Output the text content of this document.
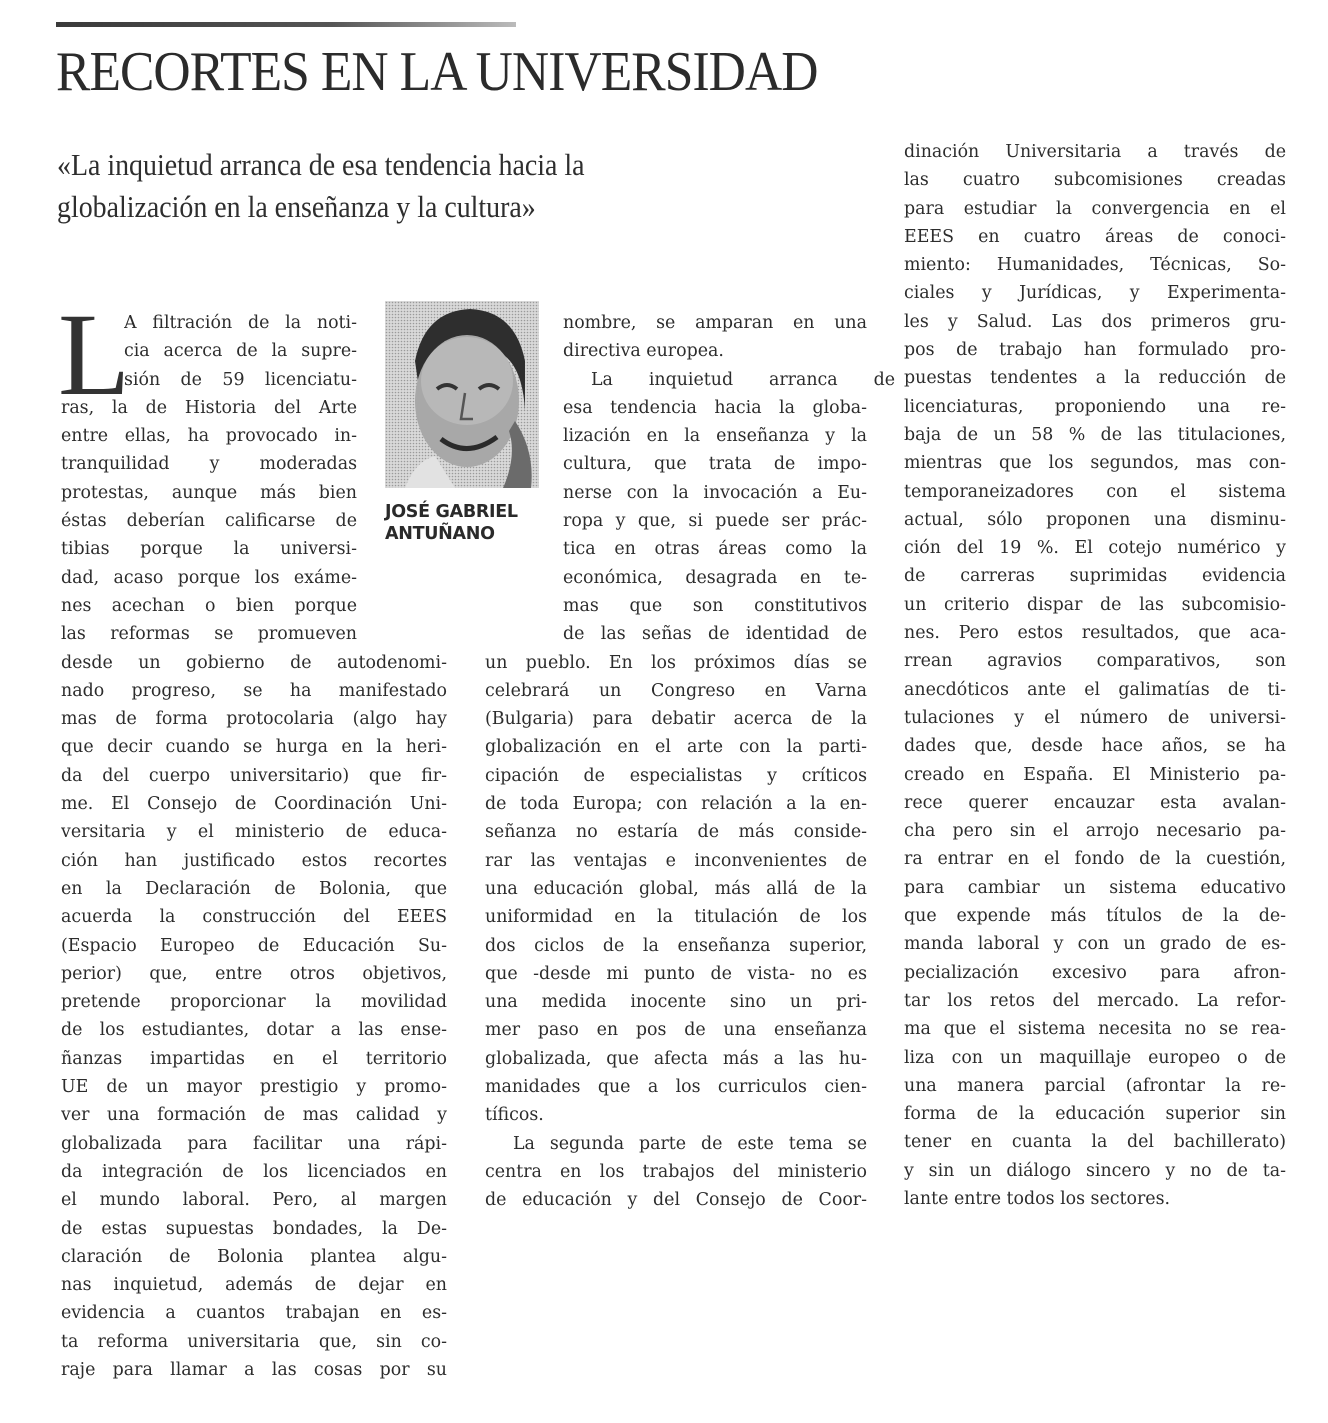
RECORTES EN LA UNIVERSIDAD
«La inquietud arranca de esa tendencia hacia la
globalización en la enseñanza y la cultura»
JOSÉ GABRIEL
ANTUÑANO
L
A filtración de la noti-
cia acerca de la supre-
sión de 59 licenciatu-
ras, la de Historia del Arte
entre ellas, ha provocado in-
tranquilidad y moderadas
protestas, aunque más bien
éstas deberían calificarse de
tibias porque la universi-
dad, acaso porque los exáme-
nes acechan o bien porque
las reformas se promueven
desde un gobierno de autodenomi-
nado progreso, se ha manifestado
mas de forma protocolaria (algo hay
que decir cuando se hurga en la heri-
da del cuerpo universitario) que fir-
me. El Consejo de Coordinación Uni-
versitaria y el ministerio de educa-
ción han justificado estos recortes
en la Declaración de Bolonia, que
acuerda la construcción del EEES
(Espacio Europeo de Educación Su-
perior) que, entre otros objetivos,
pretende proporcionar la movilidad
de los estudiantes, dotar a las ense-
ñanzas impartidas en el territorio
UE de un mayor prestigio y promo-
ver una formación de mas calidad y
globalizada para facilitar una rápi-
da integración de los licenciados en
el mundo laboral. Pero, al margen
de estas supuestas bondades, la De-
claración de Bolonia plantea algu-
nas inquietud, además de dejar en
evidencia a cuantos trabajan en es-
ta reforma universitaria que, sin co-
raje para llamar a las cosas por su
nombre, se amparan en una
directiva europea.
La inquietud arranca de
esa tendencia hacia la globa-
lización en la enseñanza y la
cultura, que trata de impo-
nerse con la invocación a Eu-
ropa y que, si puede ser prác-
tica en otras áreas como la
económica, desagrada en te-
mas que son constitutivos
de las señas de identidad de
un pueblo. En los próximos días se
celebrará un Congreso en Varna
(Bulgaria) para debatir acerca de la
globalización en el arte con la parti-
cipación de especialistas y críticos
de toda Europa; con relación a la en-
señanza no estaría de más conside-
rar las ventajas e inconvenientes de
una educación global, más allá de la
uniformidad en la titulación de los
dos ciclos de la enseñanza superior,
que -desde mi punto de vista- no es
una medida inocente sino un pri-
mer paso en pos de una enseñanza
globalizada, que afecta más a las hu-
manidades que a los curriculos cien-
tíficos.
La segunda parte de este tema se
centra en los trabajos del ministerio
de educación y del Consejo de Coor-
dinación Universitaria a través de
las cuatro subcomisiones creadas
para estudiar la convergencia en el
EEES en cuatro áreas de conoci-
miento: Humanidades, Técnicas, So-
ciales y Jurídicas, y Experimenta-
les y Salud. Las dos primeros gru-
pos de trabajo han formulado pro-
puestas tendentes a la reducción de
licenciaturas, proponiendo una re-
baja de un 58 % de las titulaciones,
mientras que los segundos, mas con-
temporaneizadores con el sistema
actual, sólo proponen una disminu-
ción del 19 %. El cotejo numérico y
de carreras suprimidas evidencia
un criterio dispar de las subcomisio-
nes. Pero estos resultados, que aca-
rrean agravios comparativos, son
anecdóticos ante el galimatías de ti-
tulaciones y el número de universi-
dades que, desde hace años, se ha
creado en España. El Ministerio pa-
rece querer encauzar esta avalan-
cha pero sin el arrojo necesario pa-
ra entrar en el fondo de la cuestión,
para cambiar un sistema educativo
que expende más títulos de la de-
manda laboral y con un grado de es-
pecialización excesivo para afron-
tar los retos del mercado. La refor-
ma que el sistema necesita no se rea-
liza con un maquillaje europeo o de
una manera parcial (afrontar la re-
forma de la educación superior sin
tener en cuanta la del bachillerato)
y sin un diálogo sincero y no de ta-
lante entre todos los sectores.
